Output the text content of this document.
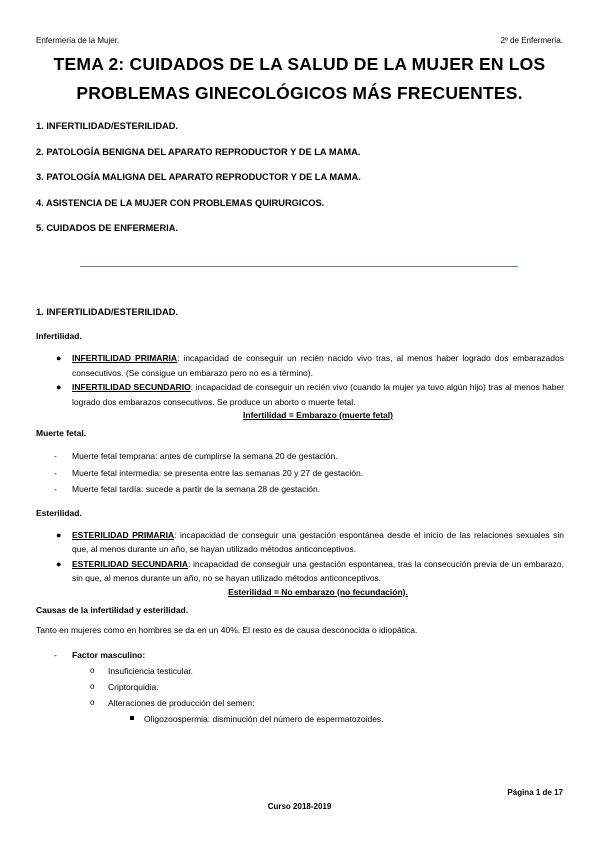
Enfermería de la Mujer.	2º de Enfermería.
TEMA 2: CUIDADOS DE LA SALUD DE LA MUJER EN LOS
PROBLEMAS GINECOLÓGICOS MÁS FRECUENTES.
1. INFERTILIDAD/ESTERILIDAD.
2. PATOLOGÍA BENIGNA DEL APARATO REPRODUCTOR Y DE LA MAMA.
3. PATOLOGÍA MALIGNA DEL APARATO REPRODUCTOR Y DE LA MAMA.
4. ASISTENCIA DE LA MUJER CON PROBLEMAS QUIRURGICOS.
5. CUIDADOS DE ENFERMERIA.
1. INFERTILIDAD/ESTERILIDAD.
Infertilidad.
● INFERTILIDAD PRIMARIA: incapacidad de conseguir un recién nacido vivo tras, al menos haber logrado dos embarazados consecutivos. (Se consigue un embarazo pero no es a término).
● INFERTILIDAD SECUNDARIO: incapacidad de conseguir un recién vivo (cuando la mujer ya tuvo algún hijo) tras al menos haber logrado dos embarazos consecutivos. Se produce un aborto o muerte fetal.
Infertilidad = Embarazo (muerte fetal)
Muerte fetal.
- Muerte fetal temprana: antes de cumplirse la semana 20 de gestación.
- Muerte fetal intermedia: se presenta entre las semanas 20 y 27 de gestación.
- Muerte fetal tardía: sucede a partir de la semana 28 de gestación.
Esterilidad.
● ESTERILIDAD PRIMARIA: incapacidad de conseguir una gestación espontánea desde el inicio de las relaciones sexuales sin que, al menos durante un año, se hayan utilizado métodos anticonceptivos.
● ESTERILIDAD SECUNDARIA: incapacidad de conseguir una gestación espontanea, tras la consecución previa de un embarazo, sin que, al menos durante un año, no se hayan utilizado métodos anticonceptivos.
Esterilidad = No embarazo (no fecundación).
Causas de la infertilidad y esterilidad.
Tanto en mujeres como en hombres se da en un 40%. El resto es de causa desconocida o idiopática.
- Factor masculino:
o Insuficiencia testicular.
o Criptorquidia.
o Alteraciones de producción del semen:
Oligozoospermia: disminución del número de espermatozoides.
Página 1 de 17
Curso 2018-2019
